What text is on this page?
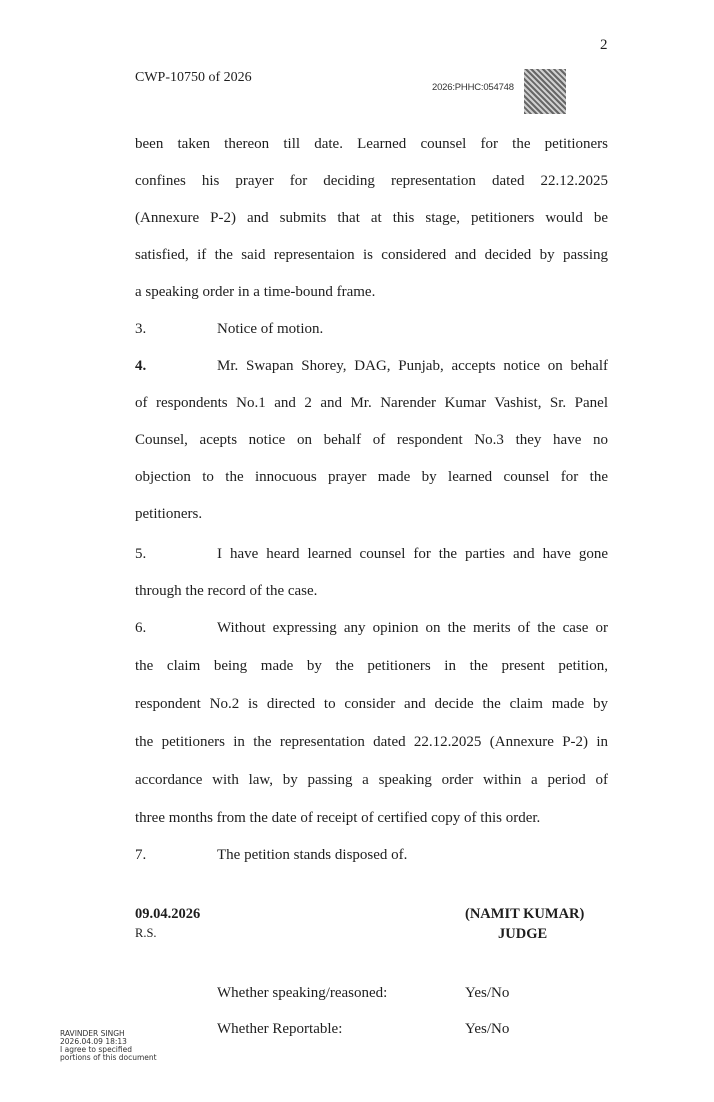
2
CWP-10750 of 2026
2026:PHHC:054748
been taken thereon till date. Learned counsel for the petitioners
confines his prayer for deciding representation dated 22.12.2025
(Annexure P-2) and submits that at this stage, petitioners would be
satisfied, if the said representaion is considered and decided by passing
a speaking order in a time-bound frame.
3.	Notice of motion.
4.	Mr. Swapan Shorey, DAG, Punjab, accepts notice on behalf
of respondents No.1 and 2 and Mr. Narender Kumar Vashist, Sr. Panel
Counsel, acepts notice on behalf of respondent No.3 they have no
objection to the innocuous prayer made by learned counsel for the
petitioners.
5.	I have heard learned counsel for the parties and have gone
through the record of the case.
6.	Without expressing any opinion on the merits of the case or
the claim being made by the petitioners in the present petition,
respondent No.2 is directed to consider and decide the claim made by
the petitioners in the representation dated 22.12.2025 (Annexure P-2) in
accordance with law, by passing a speaking order within a period of
three months from the date of receipt of certified copy of this order.
7.	The petition stands disposed of.
09.04.2026
R.S.
(NAMIT KUMAR)
JUDGE
Whether speaking/reasoned:	Yes/No
Whether Reportable:	Yes/No
RAVINDER SINGH
2026.04.09 18:13
I agree to specified
portions of this document
